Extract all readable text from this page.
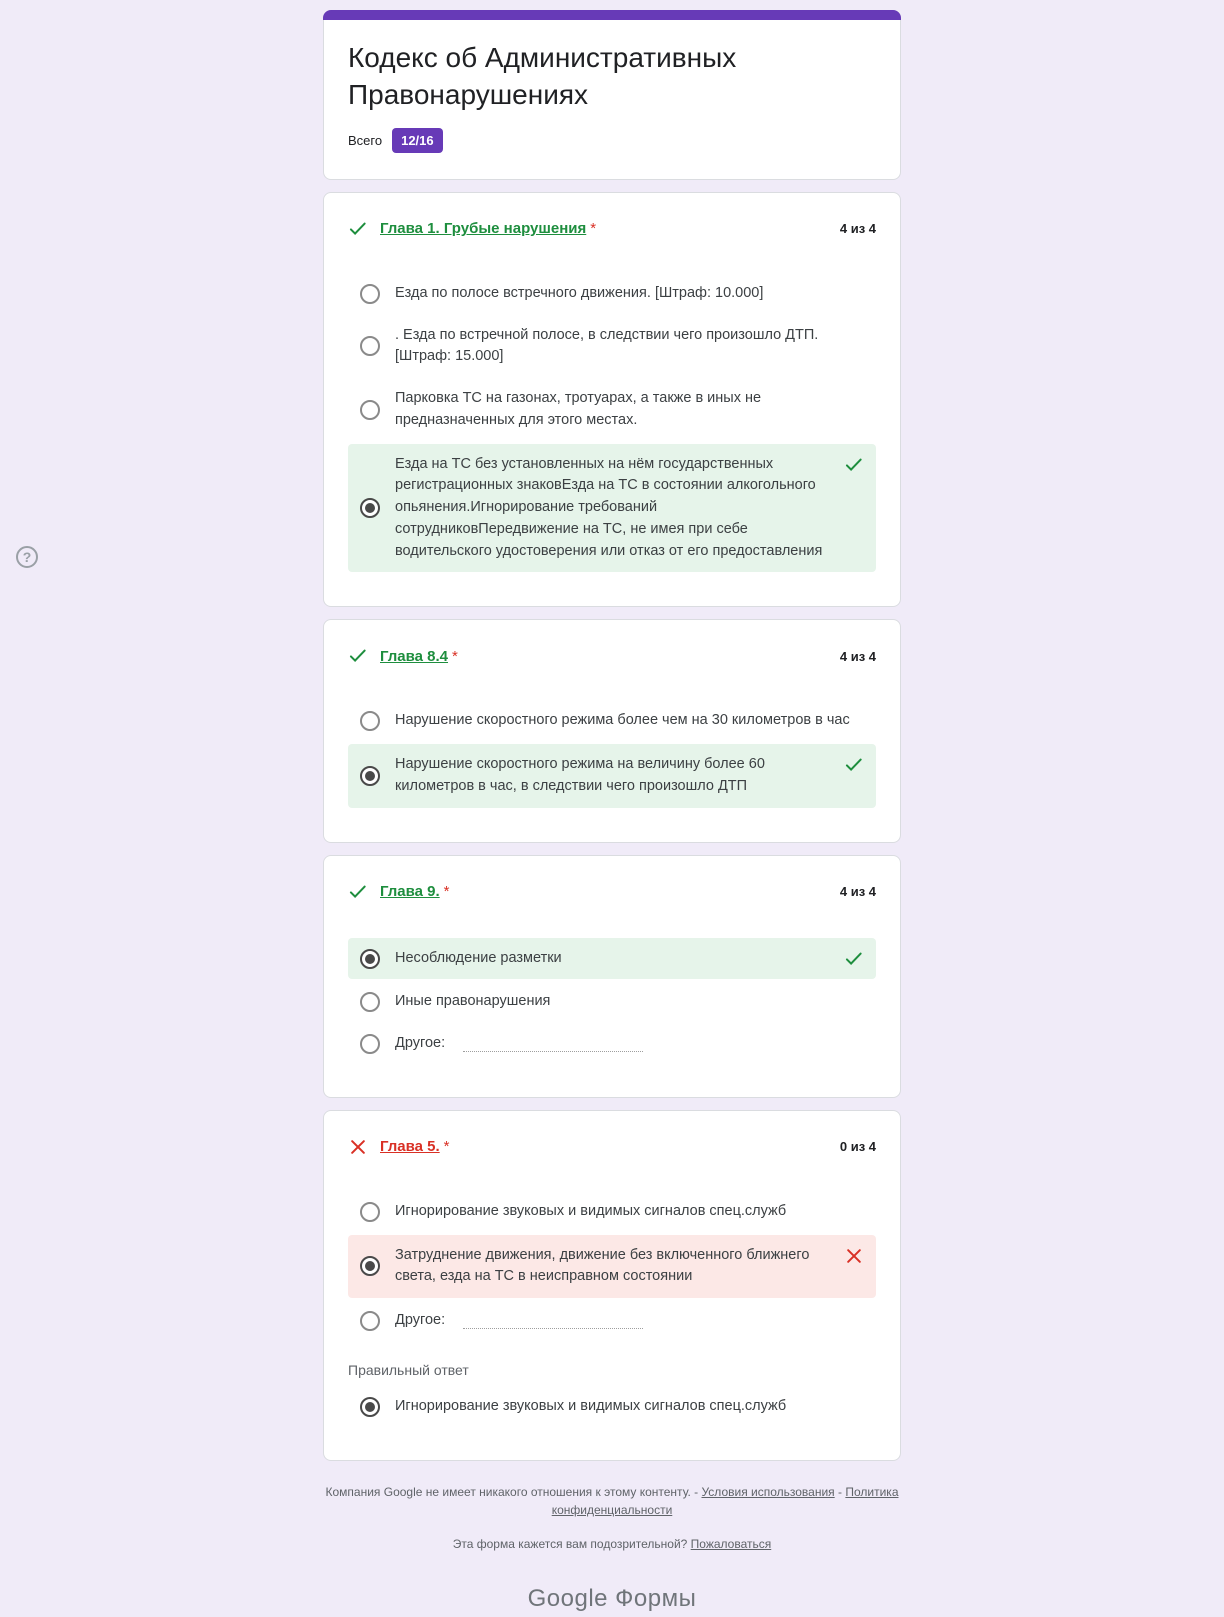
?
Кодекс об Административных Правонарушениях
Всего	12/16
Глава 1. Грубые нарушения *	4 из 4
Езда по полосе встречного движения. [Штраф: 10.000]
. Езда по встречной полосе, в следствии чего произошло ДТП. [Штраф: 15.000]
Парковка ТС на газонах, тротуарах, а также в иных не предназначенных для этого местах.
Езда на ТС без установленных на нём государственных регистрационных знаковЕзда на ТС в состоянии алкогольного опьянения.Игнорирование требований сотрудниковПередвижение на ТС, не имея при себе водительского удостоверения или отказ от его предоставления
Глава 8.4 *	4 из 4
Нарушение скоростного режима более чем на 30 километров в час
Нарушение скоростного режима на величину более 60 километров в час, в следствии чего произошло ДТП
Глава 9. *	4 из 4
Несоблюдение разметки
Иные правонарушения
Другое:
Глава 5. *	0 из 4
Игнорирование звуковых и видимых сигналов спец.служб
Затруднение движения, движение без включенного ближнего света, езда на ТС в неисправном состоянии
Другое:
Правильный ответ
Игнорирование звуковых и видимых сигналов спец.служб
Компания Google не имеет никакого отношения к этому контенту. - Условия использования - Политика конфиденциальности
Эта форма кажется вам подозрительной? Пожаловаться
Google Формы
